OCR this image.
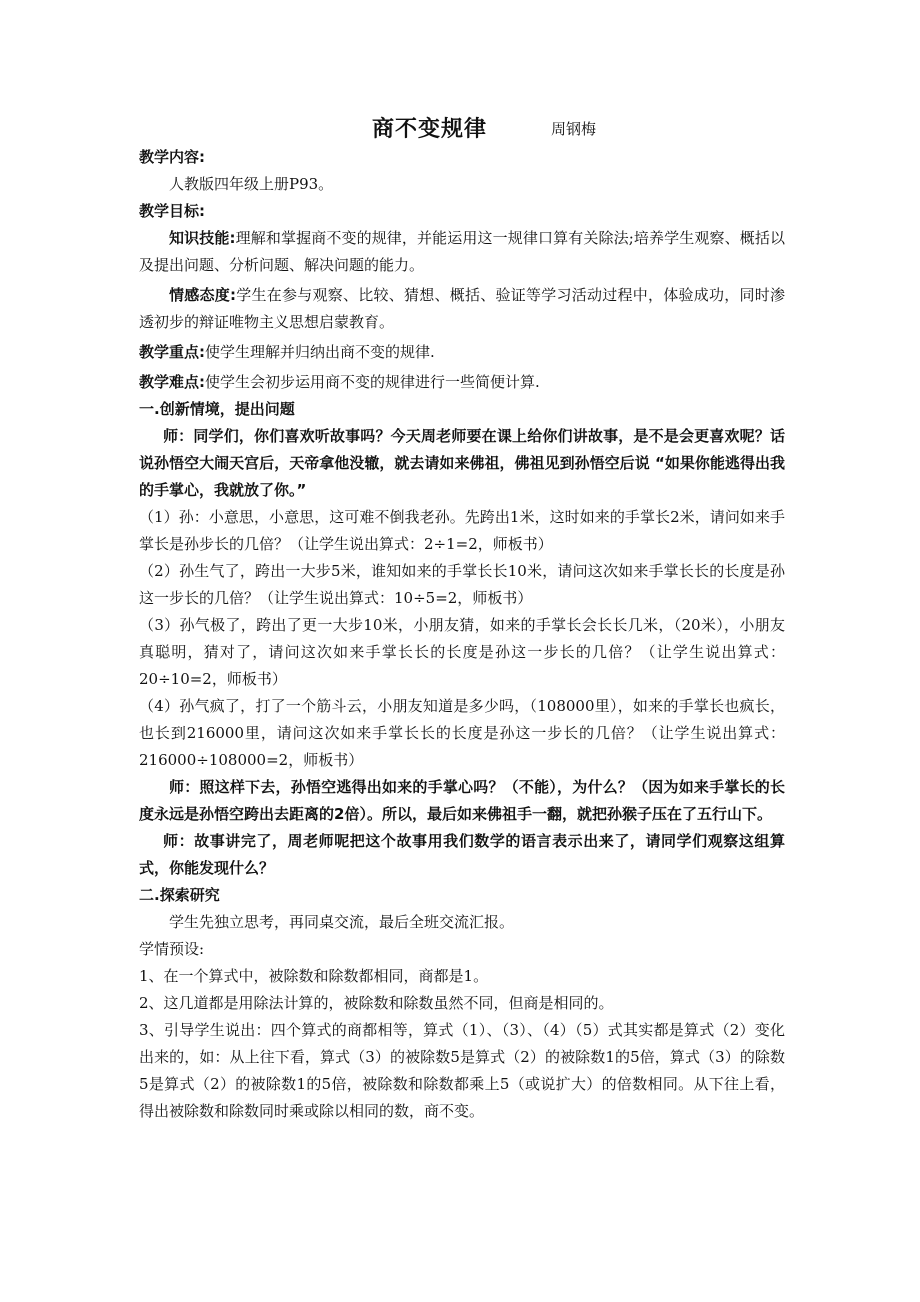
商不变规律	周钢梅

教学内容:

人教版四年级上册P93。

教学目标:

知识技能:理解和掌握商不变的规律，并能运用这一规律口算有关除法;培养学生观察、概括以及提出问题、分析问题、解决问题的能力。

情感态度:学生在参与观察、比较、猜想、概括、验证等学习活动过程中，体验成功，同时渗透初步的辩证唯物主义思想启蒙教育。

教学重点:使学生理解并归纳出商不变的规律.

教学难点:使学生会初步运用商不变的规律进行一些简便计算.

一.创新情境，提出问题

师：同学们，你们喜欢听故事吗？今天周老师要在课上给你们讲故事，是不是会更喜欢呢？话说孙悟空大闹天宫后，天帝拿他没辙，就去请如来佛祖，佛祖见到孙悟空后说 “如果你能逃得出我的手掌心，我就放了你。”

（1）孙：小意思，小意思，这可难不倒我老孙。先跨出1米，这时如来的手掌长2米，请问如来手掌长是孙步长的几倍？（让学生说出算式：2÷1=2，师板书）

（2）孙生气了，跨出一大步5米，谁知如来的手掌长长10米，请问这次如来手掌长长的长度是孙这一步长的几倍？（让学生说出算式：10÷5=2，师板书）

（3）孙气极了，跨出了更一大步10米，小朋友猜，如来的手掌长会长长几米，（20米），小朋友真聪明，猜对了，请问这次如来手掌长长的长度是孙这一步长的几倍？（让学生说出算式：20÷10=2，师板书）

（4）孙气疯了，打了一个筋斗云，小朋友知道是多少吗，（108000里），如来的手掌长也疯长，也长到216000里，请问这次如来手掌长长的长度是孙这一步长的几倍？（让学生说出算式：216000÷108000=2，师板书）

师：照这样下去，孙悟空逃得出如来的手掌心吗？（不能），为什么？（因为如来手掌长的长度永远是孙悟空跨出去距离的2倍）。所以，最后如来佛祖手一翻，就把孙猴子压在了五行山下。

师：故事讲完了，周老师呢把这个故事用我们数学的语言表示出来了，请同学们观察这组算式，你能发现什么？

二.探索研究

学生先独立思考，再同桌交流，最后全班交流汇报。

学情预设:

1、在一个算式中，被除数和除数都相同，商都是1。

2、这几道都是用除法计算的，被除数和除数虽然不同，但商是相同的。

3、引导学生说出：四个算式的商都相等，算式（1）、（3）、（4）（5）式其实都是算式（2）变化出来的，如：从上往下看，算式（3）的被除数5是算式（2）的被除数1的5倍，算式（3）的除数5是算式（2）的被除数1的5倍，被除数和除数都乘上5（或说扩大）的倍数相同。从下往上看，得出被除数和除数同时乘或除以相同的数，商不变。
